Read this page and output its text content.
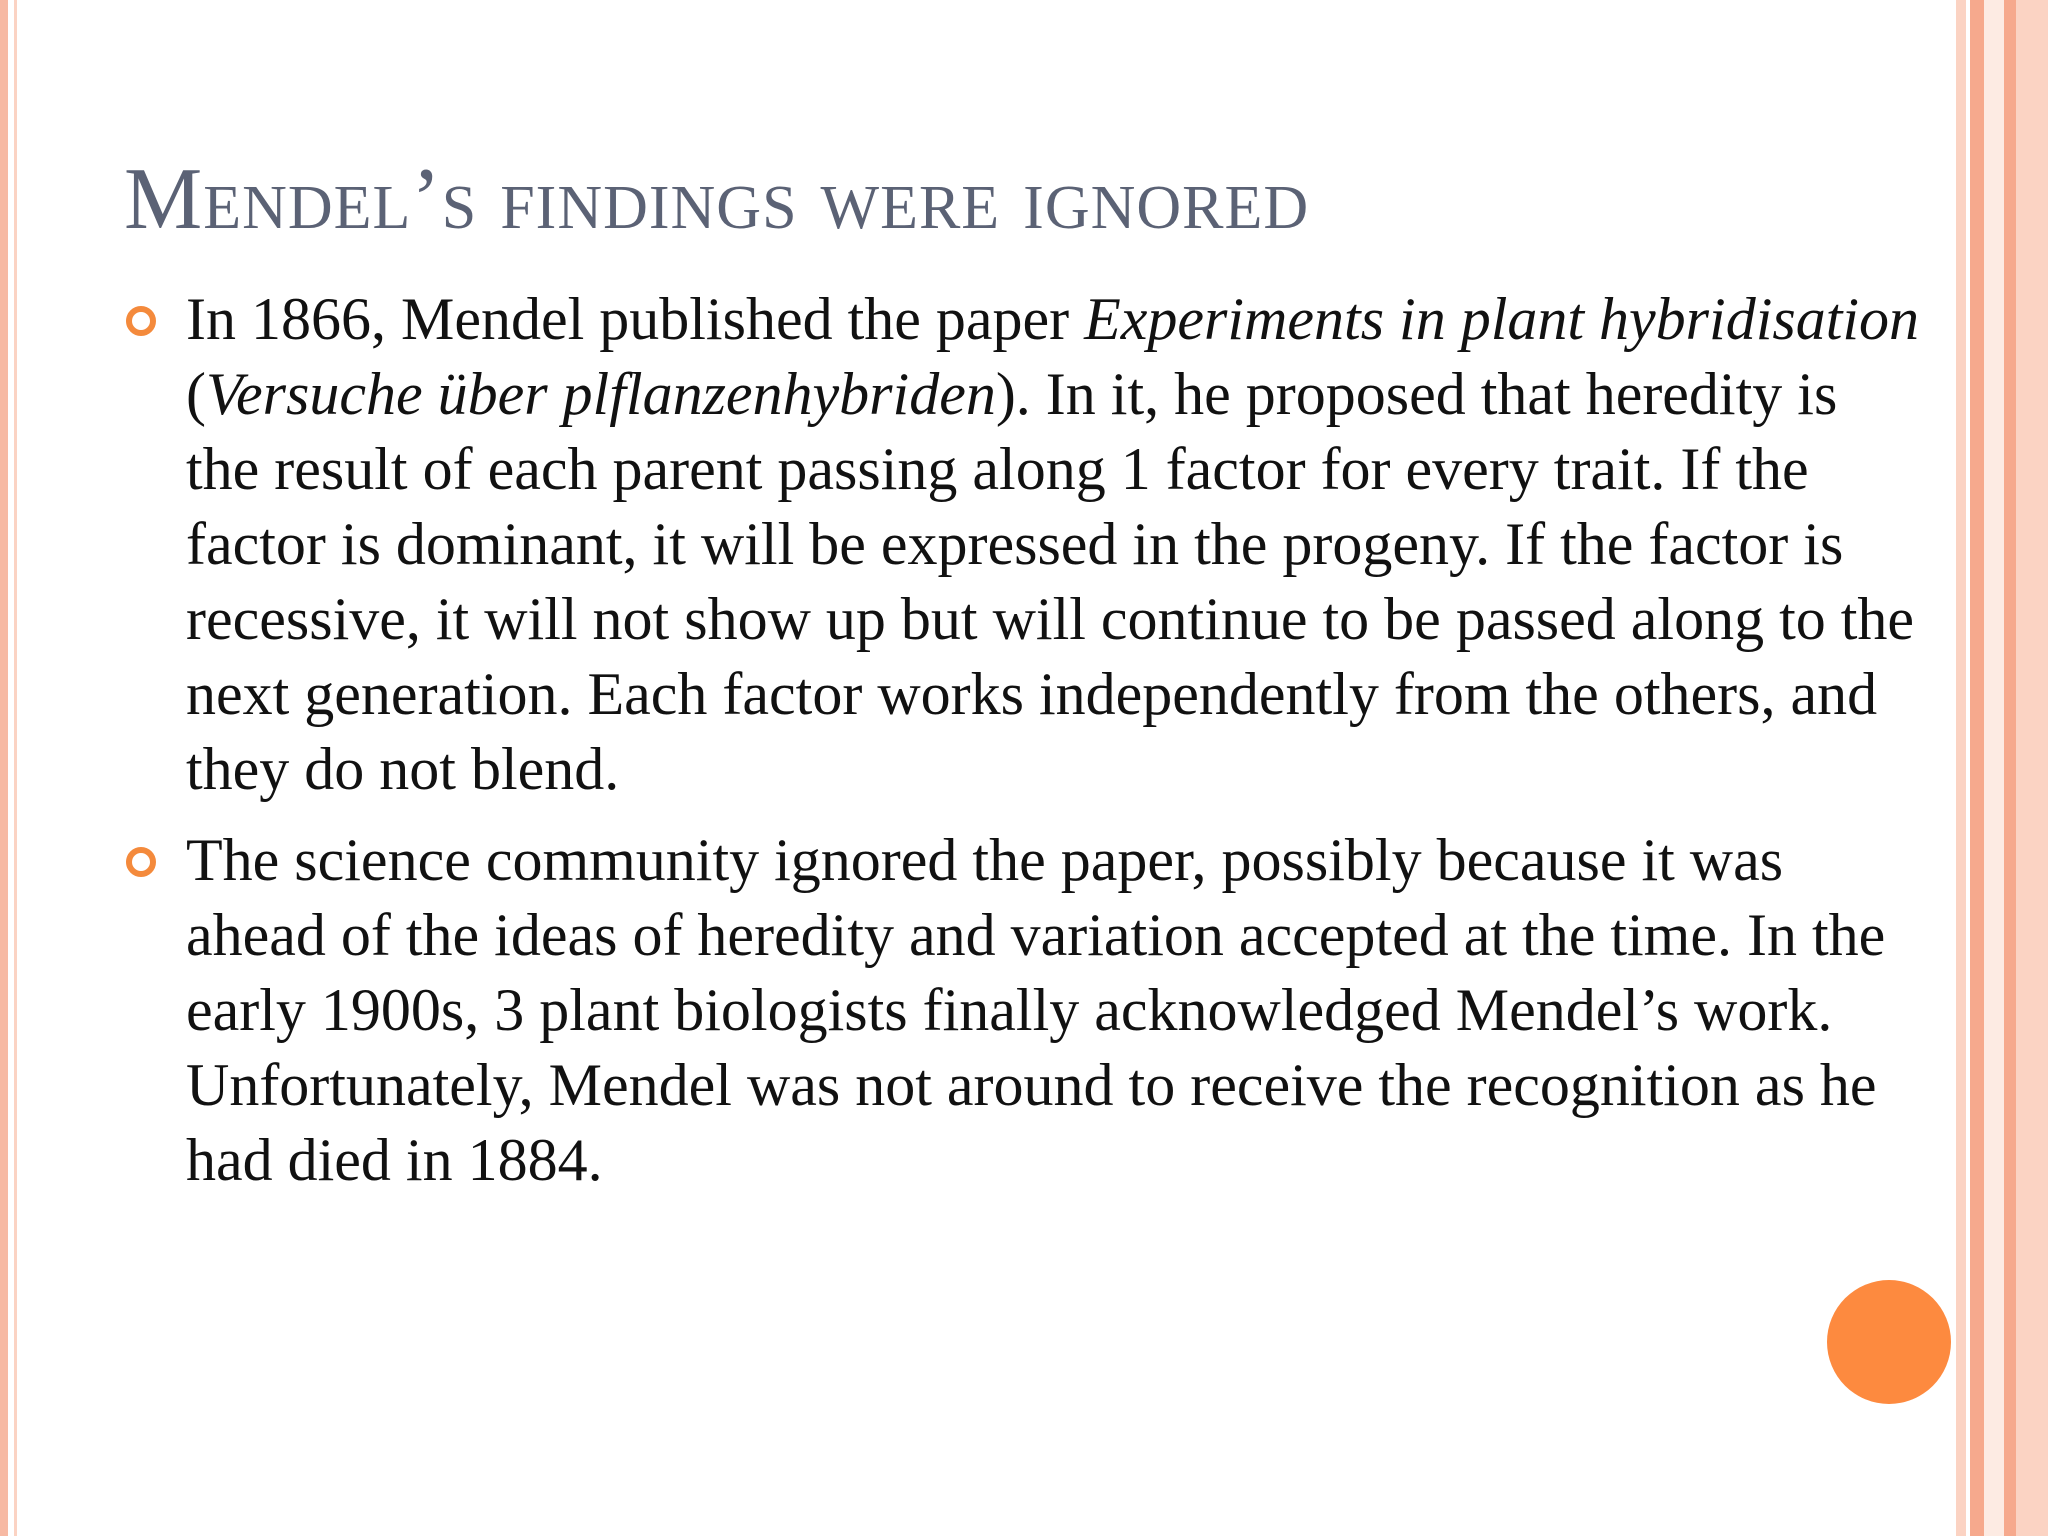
Mendel’s findings were ignored
In 1866, Mendel published the paper Experiments in plant hybridisation (Versuche über plflanzenhybriden). In it, he proposed that heredity is the result of each parent passing along 1 factor for every trait. If the factor is dominant, it will be expressed in the progeny. If the factor is recessive, it will not show up but will continue to be passed along to the next generation. Each factor works independently from the others, and they do not blend.
The science community ignored the paper, possibly because it was ahead of the ideas of heredity and variation accepted at the time. In the early 1900s, 3 plant biologists finally acknowledged Mendel’s work. Unfortunately, Mendel was not around to receive the recognition as he had died in 1884.
